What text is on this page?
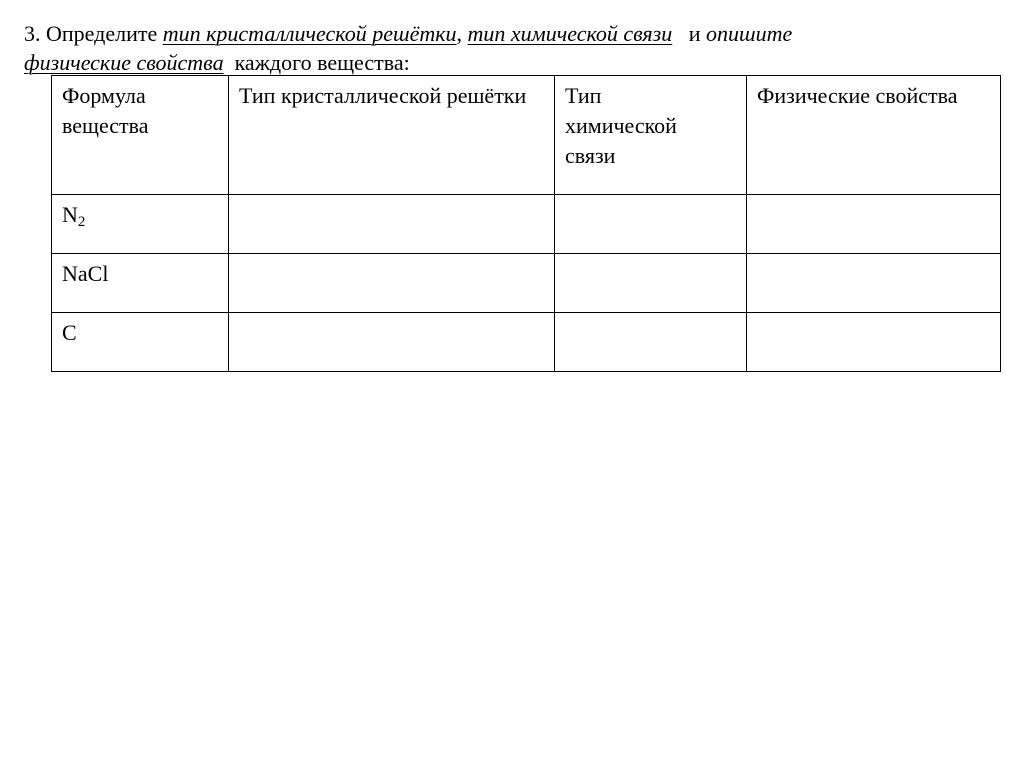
3. Определите тип кристаллической решётки, тип химической связи и опишите
физические свойства каждого вещества:
Формула вещества	Тип кристаллической решётки	Тип химической связи	Физические свойства
$N_2$			
NaCl			
C			
